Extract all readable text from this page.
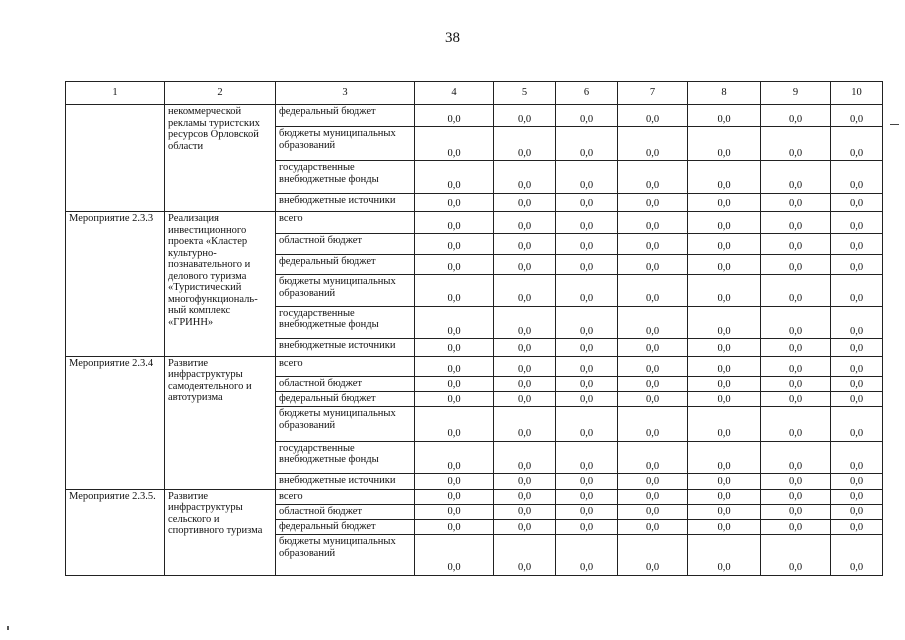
38
1	2	3	4	5	6	7	8	9	10
	некоммерческой рекламы туристских ресурсов Орловской области	федеральный бюджет	0,0	0,0	0,0	0,0	0,0	0,0	0,0
		бюджеты муниципальных образований	0,0	0,0	0,0	0,0	0,0	0,0	0,0
		государственные внебюджетные фонды	0,0	0,0	0,0	0,0	0,0	0,0	0,0
		внебюджетные источники	0,0	0,0	0,0	0,0	0,0	0,0	0,0
Мероприятие 2.3.3	Реализация инвестиционного проекта «Кластер культурно-познавательного и делового туризма «Туристический многофункциональ-ный комплекс «ГРИНН»	всего	0,0	0,0	0,0	0,0	0,0	0,0	0,0
		областной бюджет	0,0	0,0	0,0	0,0	0,0	0,0	0,0
		федеральный бюджет	0,0	0,0	0,0	0,0	0,0	0,0	0,0
		бюджеты муниципальных образований	0,0	0,0	0,0	0,0	0,0	0,0	0,0
		государственные внебюджетные фонды	0,0	0,0	0,0	0,0	0,0	0,0	0,0
		внебюджетные источники	0,0	0,0	0,0	0,0	0,0	0,0	0,0
Мероприятие 2.3.4	Развитие инфраструктуры самодеятельного и автотуризма	всего	0,0	0,0	0,0	0,0	0,0	0,0	0,0
		областной бюджет	0,0	0,0	0,0	0,0	0,0	0,0	0,0
		федеральный бюджет	0,0	0,0	0,0	0,0	0,0	0,0	0,0
		бюджеты муниципальных образований	0,0	0,0	0,0	0,0	0,0	0,0	0,0
		государственные внебюджетные фонды	0,0	0,0	0,0	0,0	0,0	0,0	0,0
		внебюджетные источники	0,0	0,0	0,0	0,0	0,0	0,0	0,0
Мероприятие 2.3.5.	Развитие инфраструктуры сельского и спортивного туризма	всего	0,0	0,0	0,0	0,0	0,0	0,0	0,0
		областной бюджет	0,0	0,0	0,0	0,0	0,0	0,0	0,0
		федеральный бюджет	0,0	0,0	0,0	0,0	0,0	0,0	0,0
		бюджеты муниципальных образований	0,0	0,0	0,0	0,0	0,0	0,0	0,0
